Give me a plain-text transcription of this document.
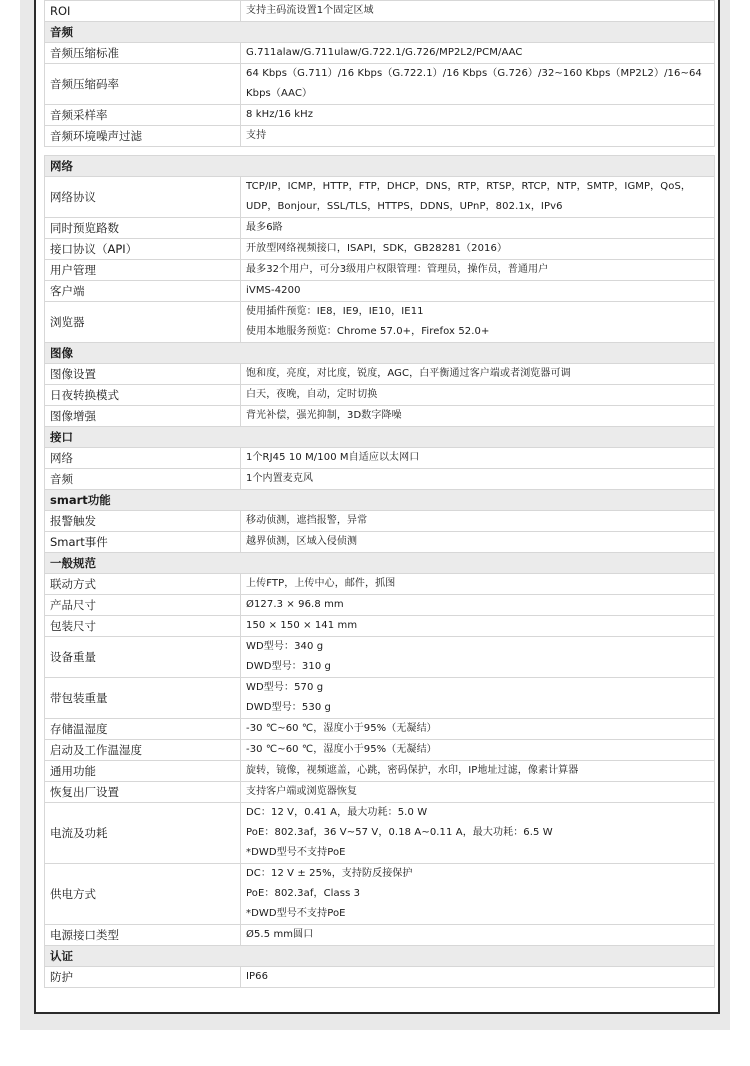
ROI	支持主码流设置1个固定区域

音频	
音频压缩标准	G.711alaw/G.711ulaw/G.722.1/G.726/MP2L2/PCM/AAC

音频压缩码率	64 Kbps（G.711）/16 Kbps（G.722.1）/16 Kbps（G.726）/32~160 Kbps（MP2L2）/16~64
Kbps（AAC）

音频采样率	8 kHz/16 kHz

音频环境噪声过滤	支持

网络	
网络协议	TCP/IP，ICMP，HTTP，FTP，DHCP，DNS，RTP，RTSP，RTCP，NTP，SMTP，IGMP，QoS，
UDP，Bonjour，SSL/TLS，HTTPS，DDNS，UPnP，802.1x，IPv6

同时预览路数	最多6路

接口协议（API）	开放型网络视频接口，ISAPI，SDK，GB28281（2016）

用户管理	最多32个用户，可分3级用户权限管理：管理员，操作员，普通用户

客户端	iVMS-4200

浏览器	使用插件预览：IE8，IE9，IE10，IE11
使用本地服务预览：Chrome 57.0+，Firefox 52.0+

图像	
图像设置	饱和度，亮度，对比度，锐度，AGC，白平衡通过客户端或者浏览器可调

日夜转换模式	白天，夜晚，自动，定时切换

图像增强	背光补偿，强光抑制，3D数字降噪

接口	
网络	1个RJ45 10 M/100 M自适应以太网口

音频	1个内置麦克风

smart功能	
报警触发	移动侦测，遮挡报警，异常

Smart事件	越界侦测，区域入侵侦测

一般规范	
联动方式	上传FTP，上传中心，邮件，抓图

产品尺寸	Ø127.3 × 96.8 mm

包装尺寸	150 × 150 × 141 mm

设备重量	WD型号：340 g
DWD型号：310 g

带包装重量	WD型号：570 g
DWD型号：530 g

存储温湿度	-30 ℃~60 ℃，湿度小于95%（无凝结）

启动及工作温湿度	-30 ℃~60 ℃，湿度小于95%（无凝结）

通用功能	旋转，镜像，视频遮盖，心跳，密码保护，水印，IP地址过滤，像素计算器

恢复出厂设置	支持客户端或浏览器恢复

电流及功耗	DC：12 V，0.41 A，最大功耗：5.0 W
PoE：802.3af，36 V~57 V，0.18 A~0.11 A，最大功耗：6.5 W
*DWD型号不支持PoE

供电方式	DC：12 V ± 25%，支持防反接保护
PoE：802.3af，Class 3
*DWD型号不支持PoE

电源接口类型	Ø5.5 mm圆口

认证	
防护	IP66
